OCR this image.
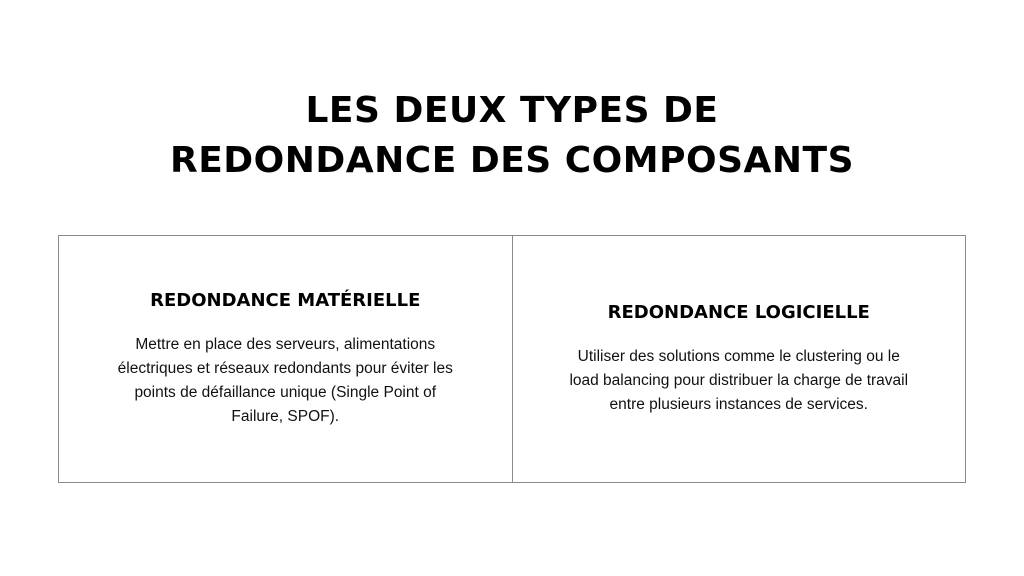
LES DEUX TYPES DE
REDONDANCE DES COMPOSANTS
REDONDANCE MATÉRIELLE

Mettre en place des serveurs, alimentations électriques et réseaux redondants pour éviter les points de défaillance unique (Single Point of Failure, SPOF).

REDONDANCE LOGICIELLE

Utiliser des solutions comme le clustering ou le load balancing pour distribuer la charge de travail entre plusieurs instances de services.
